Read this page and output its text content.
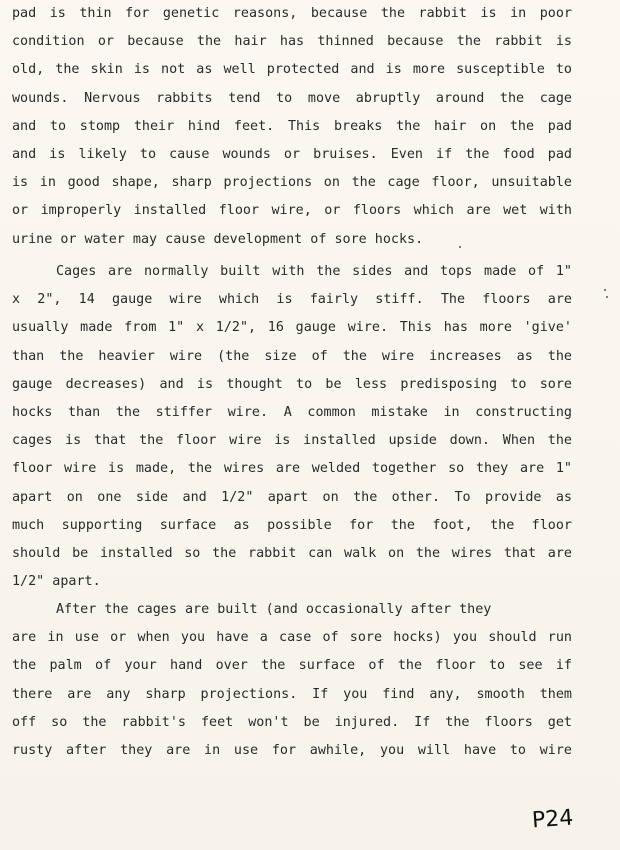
pad is thin for genetic reasons, because the rabbit is in poor
condition or because the hair has thinned because the rabbit is
old, the skin is not as well protected and is more susceptible to
wounds. Nervous rabbits tend to move abruptly around the cage
and to stomp their hind feet. This breaks the hair on the pad
and is likely to cause wounds or bruises. Even if the food pad
is in good shape, sharp projections on the cage floor, unsuitable
or improperly installed floor wire, or floors which are wet with
urine or water may cause development of sore hocks.
Cages are normally built with the sides and tops made of 1"
x 2", 14 gauge wire which is fairly stiff. The floors are
usually made from 1" x 1/2", 16 gauge wire. This has more 'give'
than the heavier wire (the size of the wire increases as the
gauge decreases) and is thought to be less predisposing to sore
hocks than the stiffer wire. A common mistake in constructing
cages is that the floor wire is installed upside down. When the
floor wire is made, the wires are welded together so they are 1"
apart on one side and 1/2" apart on the other. To provide as
much supporting surface as possible for the foot, the floor
should be installed so the rabbit can walk on the wires that are
1/2" apart.
After the cages are built (and occasionally after they
are in use or when you have a case of sore hocks) you should run
the palm of your hand over the surface of the floor to see if
there are any sharp projections. If you find any, smooth them
off so the rabbit's feet won't be injured. If the floors get
rusty after they are in use for awhile, you will have to wire
P24
